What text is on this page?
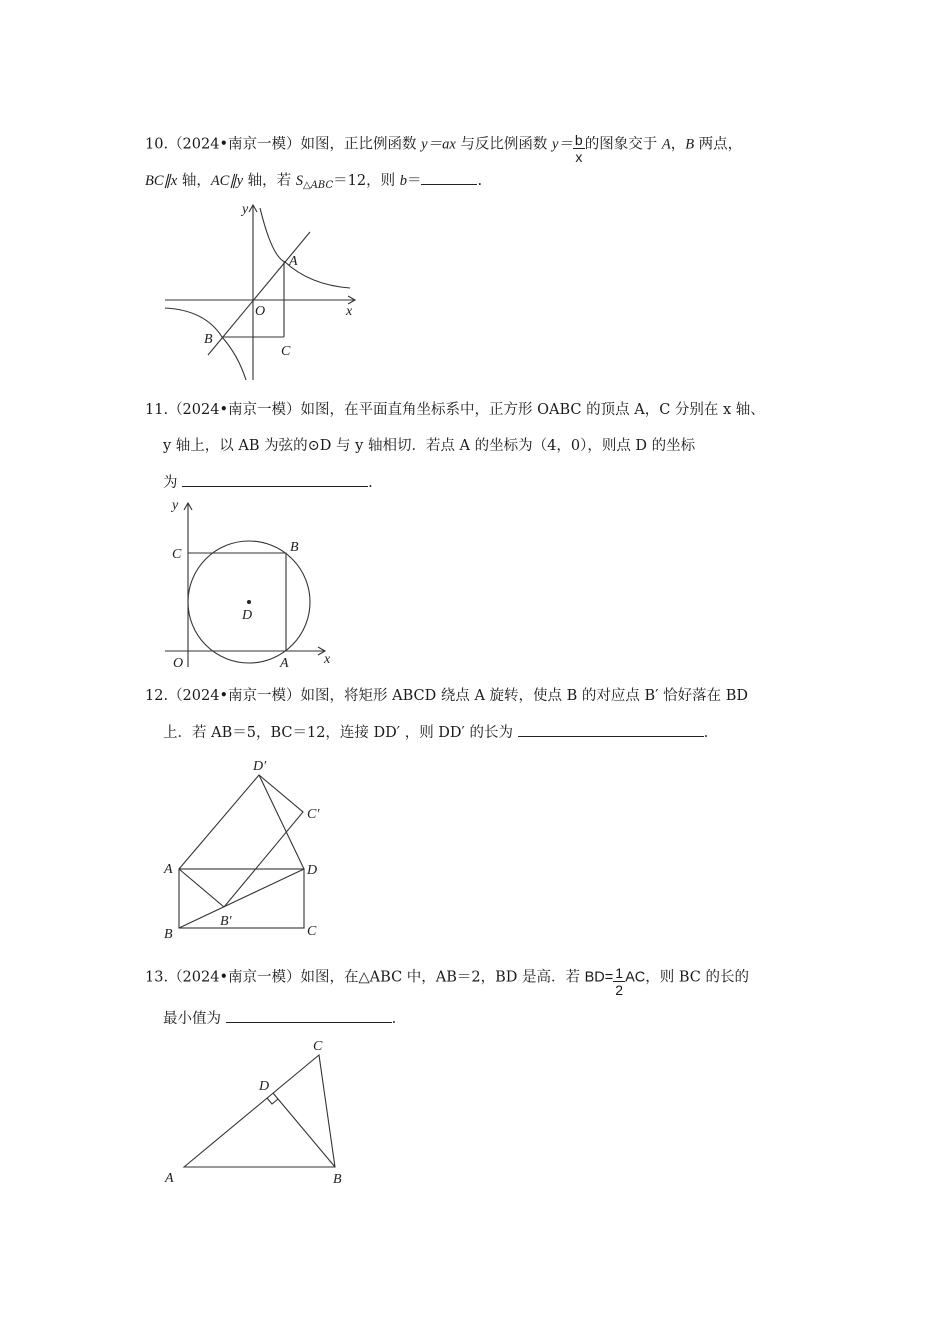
10.（2024•南京一模）如图，正比例函数 y＝ax 与反比例函数 $y= \frac{b}{x}$ 的图象交于 A，B 两点，
BC∥x 轴，AC∥y 轴，若 $S_{\triangle ABC}=12$，则 b＝	.
y
x
O
A
B
C
11.（2024•南京一模）如图，在平面直角坐标系中，正方形 OABC 的顶点 A，C 分别在 x 轴、
y 轴上，以 AB 为弦的⊙D 与 y 轴相切．若点 A 的坐标为（4，0），则点 D 的坐标
为	.
y
x
O	A
B
C
D
12.（2024•南京一模）如图，将矩形 ABCD 绕点 A 旋转，使点 B 的对应点 B′ 恰好落在 BD
上．若 AB＝5，BC＝12，连接 DD′ ，则 DD′ 的长为	.
D′
C′
A	D
B′
B	C
13.（2024•南京一模）如图，在△ABC 中，AB＝2，BD 是高．若 $BD= \frac{1}{2}$ AC，则 BC 的长的
最小值为	.
C
D
A	B
